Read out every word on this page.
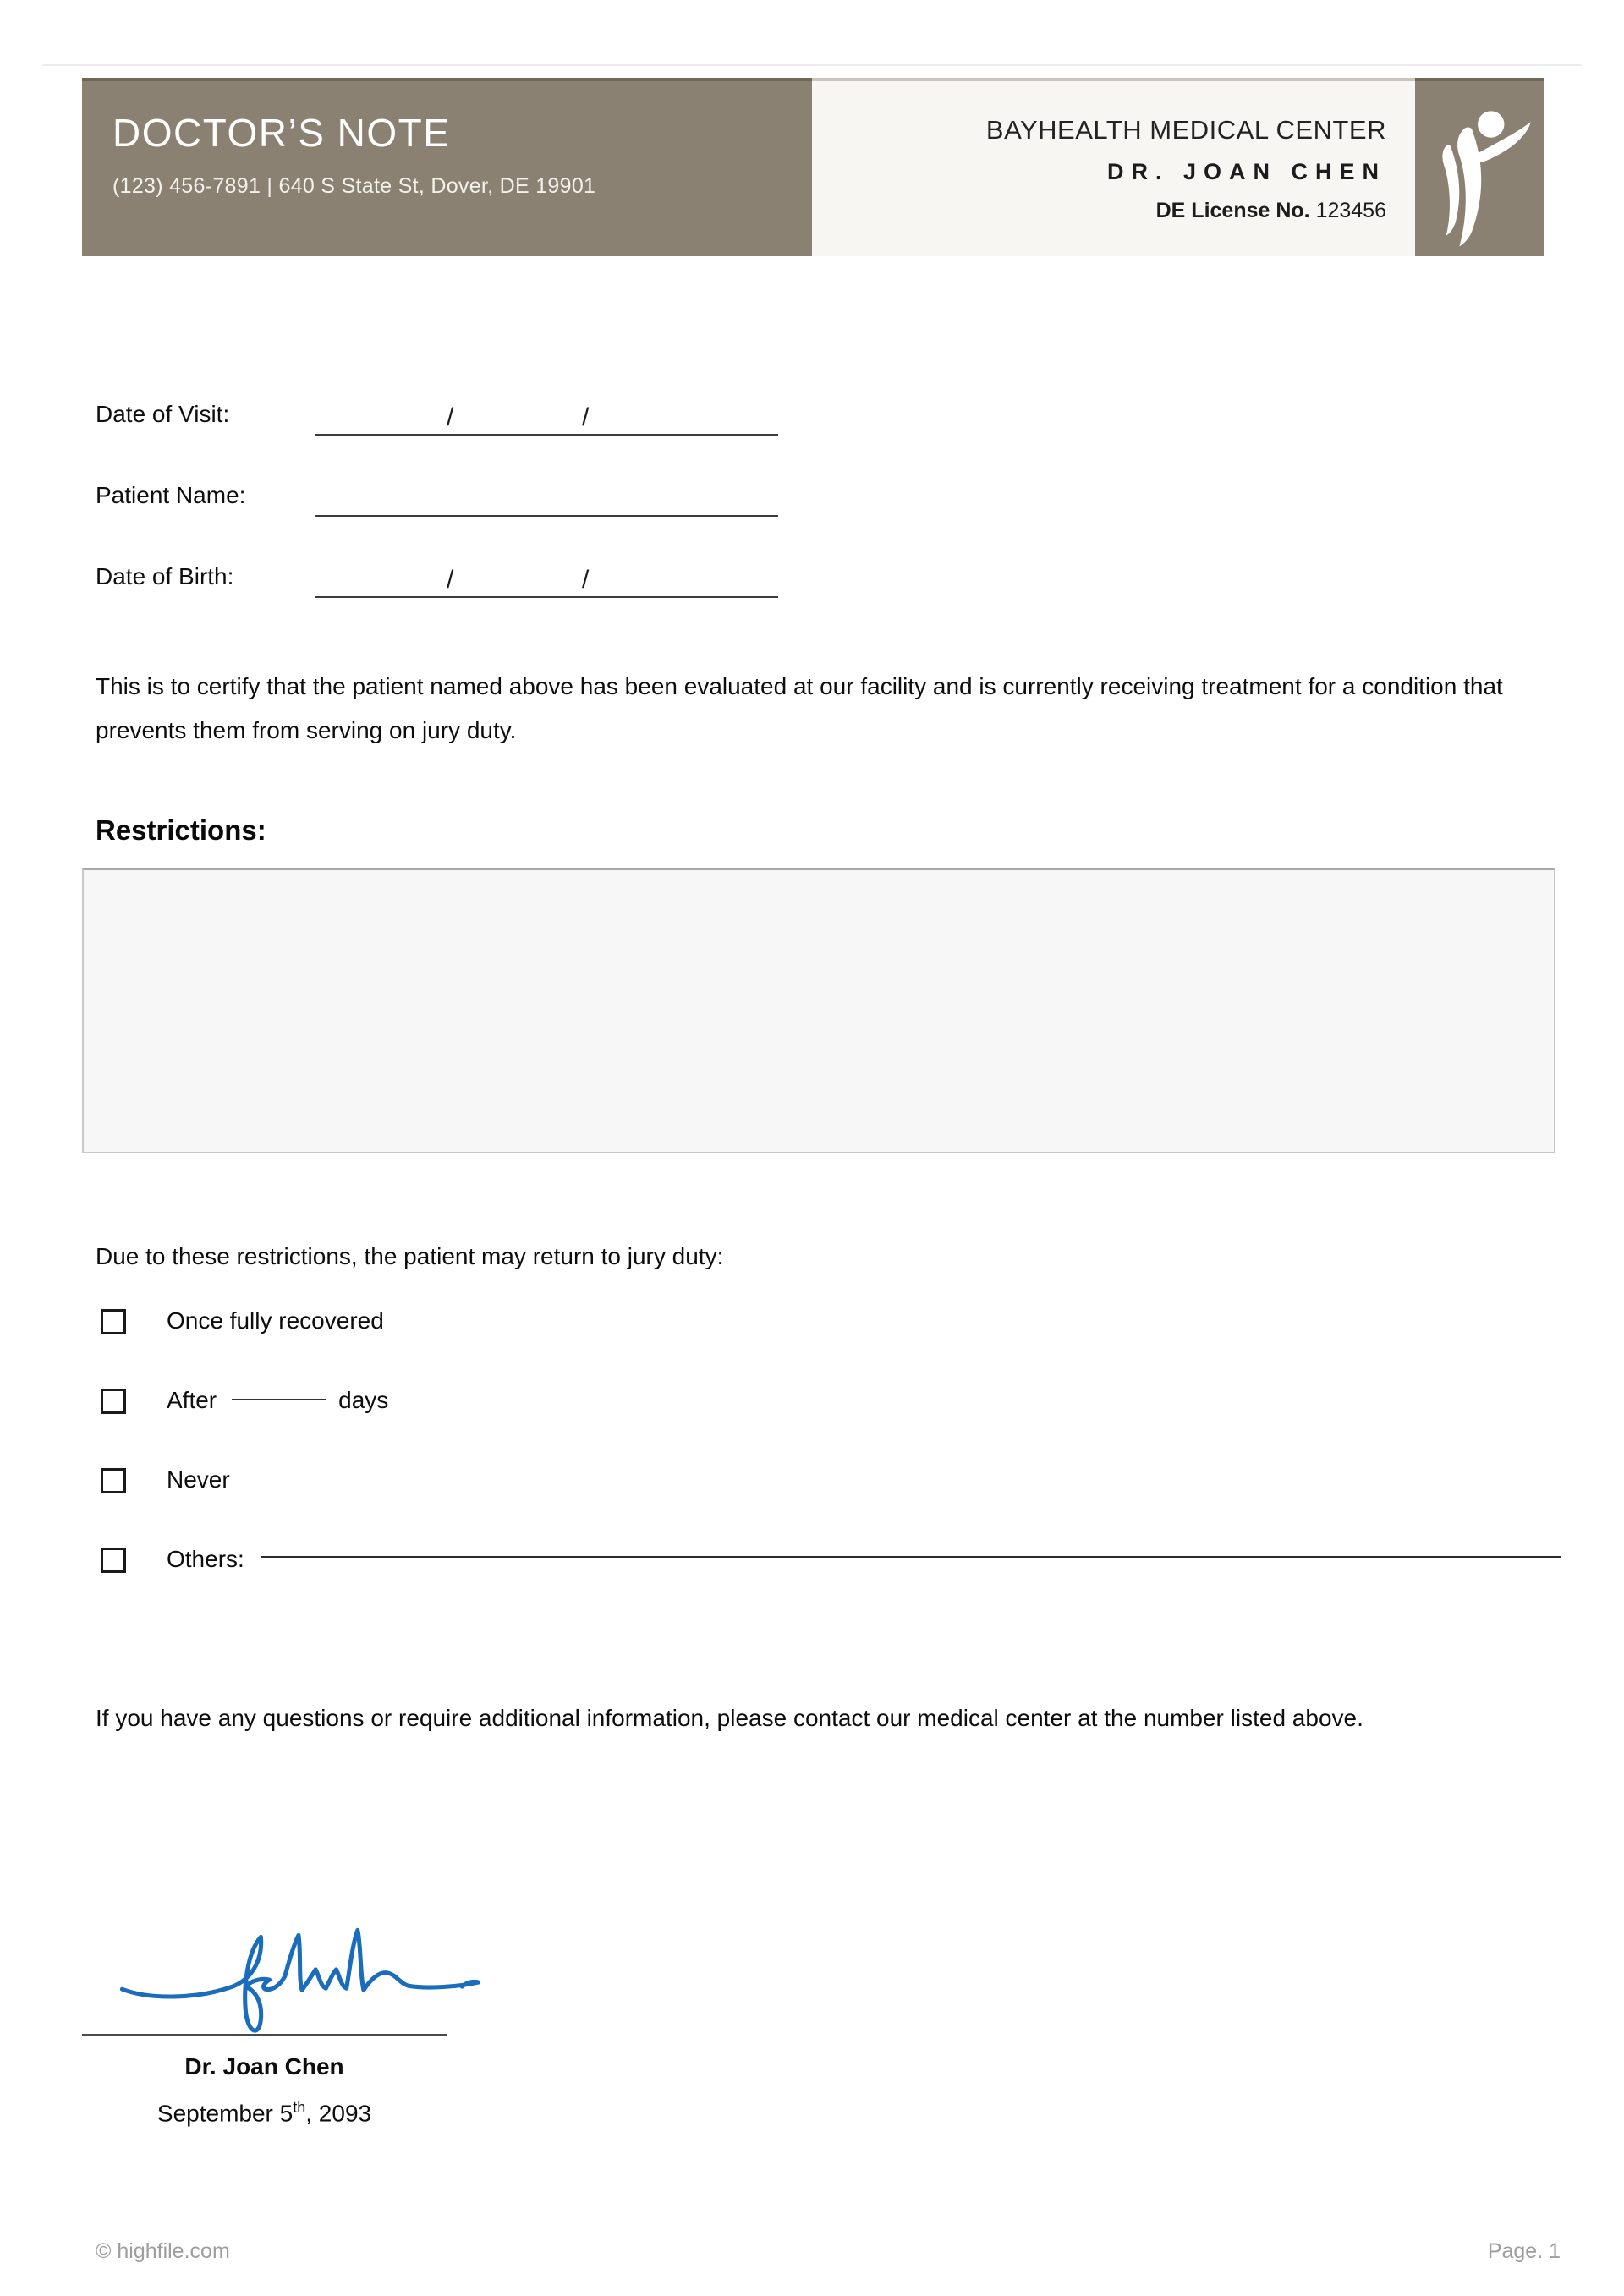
DOCTOR’S NOTE
(123) 456-7891 | 640 S State St, Dover, DE 19901
BAYHEALTH MEDICAL CENTER
DR. JOAN CHEN
DE License No. 123456
Date of Visit:	/	/
Patient Name:
Date of Birth:	/	/
This is to certify that the patient named above has been evaluated at our facility and is currently receiving treatment for a condition that prevents them from serving on jury duty.
Restrictions:
Due to these restrictions, the patient may return to jury duty:
Once fully recovered
After	days
Never
Others:
If you have any questions or require additional information, please contact our medical center at the number listed above.
Dr. Joan Chen
September 5th, 2093
© highfile.com	Page. 1
